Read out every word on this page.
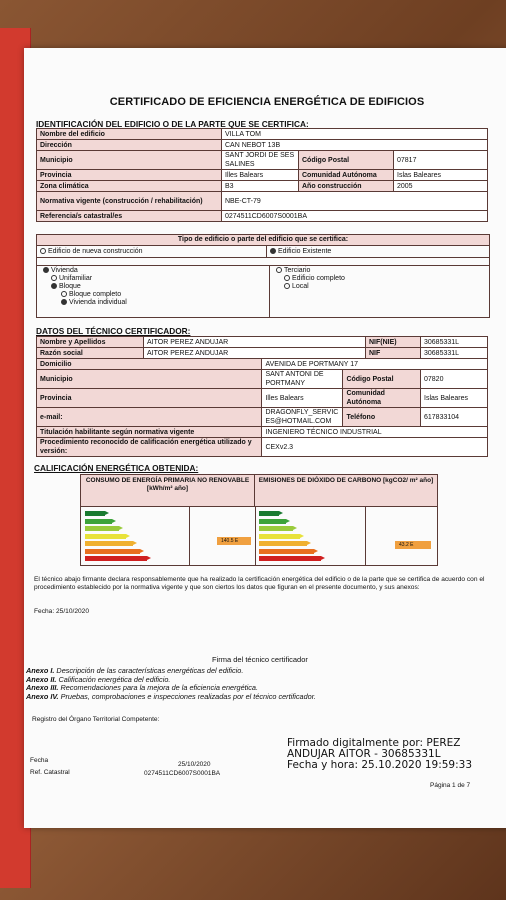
CERTIFICADO DE EFICIENCIA ENERGÉTICA DE EDIFICIOS
IDENTIFICACIÓN DEL EDIFICIO O DE LA PARTE QUE SE CERTIFICA:
Nombre del edificio	VILLA TOM		
Dirección	CAN NEBOT 13B		
Municipio	SANT JORDI DE SES SALINES	Código Postal	07817
Provincia	Illes Balears	Comunidad Autónoma	Islas Baleares
Zona climática	B3	Año construcción	2005
Normativa vigente (construcción / rehabilitación)	NBE-CT-79		
Referencia/s catastral/es	0274511CD6007S0001BA		
Tipo de edificio o parte del edificio que se certifica:
Edificio de nueva construcción	Edificio Existente
Vivienda
Unifamiliar
Bloque
Bloque completo
Vivienda individual
Terciario
Edificio completo
Local
DATOS DEL TÉCNICO CERTIFICADOR:
Nombre y Apellidos	AITOR PEREZ ANDUJAR			NIF(NIE)	30685331L
Razón social	AITOR PEREZ ANDUJAR			NIF	30685331L
Domicilio		AVENIDA DE PORTMANY 17			
Municipio		SANT ANTONI DE PORTMANY	Código Postal		07820
Provincia		Illes Balears	Comunidad Autónoma		Islas Baleares
e-mail:		DRAGONFLY_SERVICES@HOTMAIL.COM	Teléfono		617833104
Titulación habilitante según normativa vigente		INGENIERO TÉCNICO INDUSTRIAL			
Procedimiento reconocido de calificación energética utilizado y versión:		CEXv2.3			
CALIFICACIÓN ENERGÉTICA OBTENIDA:
CONSUMO DE ENERGÍA PRIMARIA NO RENOVABLE [kWh/m² año]
EMISIONES DE DIÓXIDO DE CARBONO [kgCO2/ m² año]
140.5 E
43.2 E
El técnico abajo firmante declara responsablemente que ha realizado la certificación energética del edificio o de la parte que se certifica de acuerdo con el procedimiento establecido por la normativa vigente y que son ciertos los datos que figuran en el presente documento, y sus anexos:
Fecha: 25/10/2020
Firma del técnico certificador
Anexo I. Descripción de las características energéticas del edificio.
Anexo II. Calificación energética del edificio.
Anexo III. Recomendaciones para la mejora de la eficiencia energética.
Anexo IV. Pruebas, comprobaciones e inspecciones realizadas por el técnico certificador.
Registro del Órgano Territorial Competente:
Firmado digitalmente por: PEREZ
ANDUJAR AITOR - 30685331L
Fecha y hora: 25.10.2020 19:59:33
Fecha
25/10/2020
Ref. Catastral	0274511CD6007S0001BA
Página 1 de 7
